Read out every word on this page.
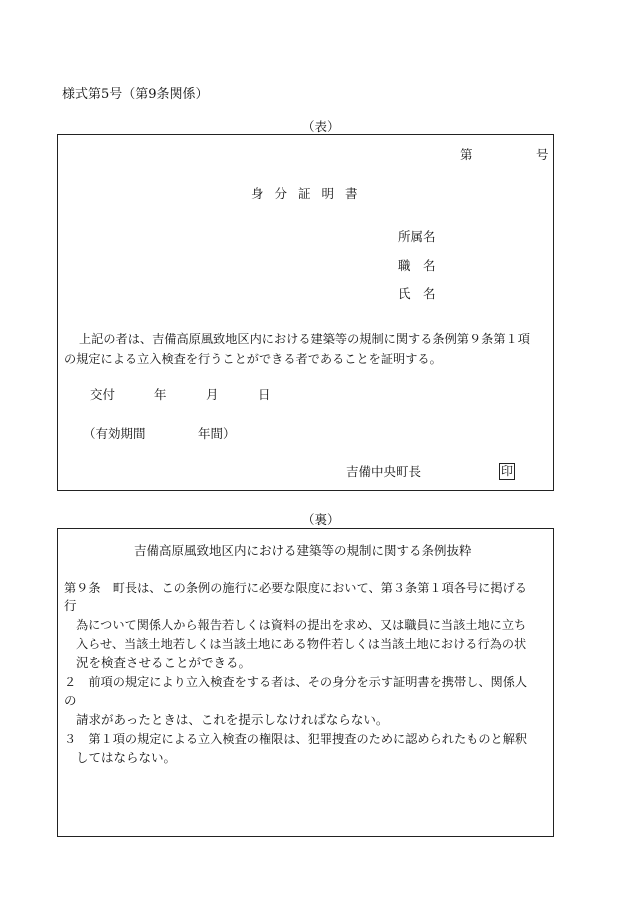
様式第5号（第9条関係）
（表）
第	号
身分証明書
所属名
職　名
氏　名
上記の者は、吉備高原風致地区内における建築等の規制に関する条例第９条第１項
の規定による立入検査を行うことができる者であることを証明する。
交付	年	月	日
（有効期間	年間）
吉備中央町長	印
（裏）
吉備高原風致地区内における建築等の規制に関する条例抜粋
第９条　町長は、この条例の施行に必要な限度において、第３条第１項各号に掲げる
行
為について関係人から報告若しくは資料の提出を求め、又は職員に当該土地に立ち
入らせ、当該土地若しくは当該土地にある物件若しくは当該土地における行為の状
況を検査させることができる。
２　前項の規定により立入検査をする者は、その身分を示す証明書を携帯し、関係人
の
請求があったときは、これを提示しなければならない。
３　第１項の規定による立入検査の権限は、犯罪捜査のために認められたものと解釈
してはならない。
